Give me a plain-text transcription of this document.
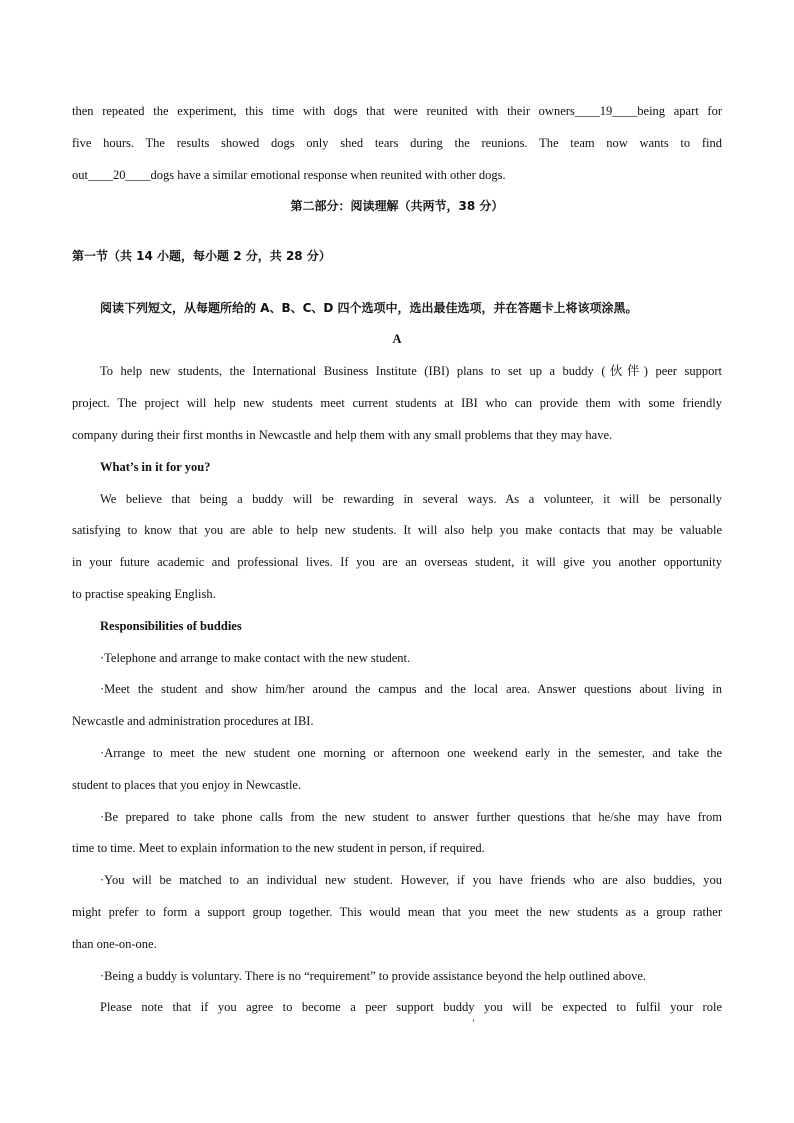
then repeated the experiment, this time with dogs that were reunited with their owners____19____being apart for
five hours. The results showed dogs only shed tears during the reunions. The team now wants to find
out____20____dogs have a similar emotional response when reunited with other dogs.
第二部分：阅读理解（共两节，38 分）
第一节（共 14 小题，每小题 2 分，共 28 分）
阅读下列短文，从每题所给的 A、B、C、D 四个选项中，选出最佳选项，并在答题卡上将该项涂黑。
A
To help new students, the International Business Institute (IBI) plans to set up a buddy (伙伴) peer support
project. The project will help new students meet current students at IBI who can provide them with some friendly
company during their first months in Newcastle and help them with any small problems that they may have.
What’s in it for you?
We believe that being a buddy will be rewarding in several ways. As a volunteer, it will be personally
satisfying to know that you are able to help new students. It will also help you make contacts that may be valuable
in your future academic and professional lives. If you are an overseas student, it will give you another opportunity
to practise speaking English.
Responsibilities of buddies
·Telephone and arrange to make contact with the new student.
·Meet the student and show him/her around the campus and the local area. Answer questions about living in
Newcastle and administration procedures at IBI.
·Arrange to meet the new student one morning or afternoon one weekend early in the semester, and take the
student to places that you enjoy in Newcastle.
·Be prepared to take phone calls from the new student to answer further questions that he/she may have from
time to time. Meet to explain information to the new student in person, if required.
·You will be matched to an individual new student. However, if you have friends who are also buddies, you
might prefer to form a support group together. This would mean that you meet the new students as a group rather
than one-on-one.
·Being a buddy is voluntary. There is no “requirement” to provide assistance beyond the help outlined above.
Please note that if you agree to become a peer support buddy you will be expected to fulfil your role
ʼ
